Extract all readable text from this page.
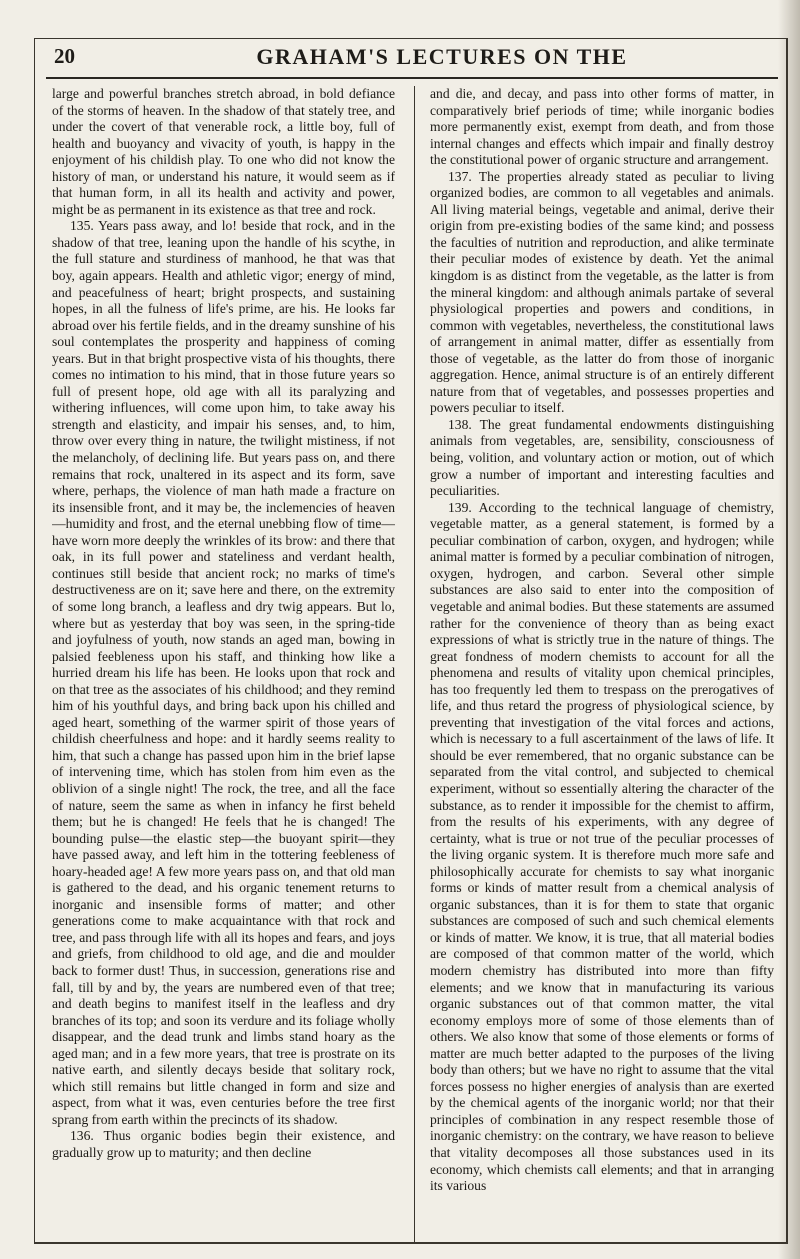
20	GRAHAM'S LECTURES ON THE

large and powerful branches stretch abroad, in bold defiance of the storms of heaven. In the shadow of that stately tree, and under the covert of that venerable rock, a little boy, full of health and buoyancy and vivacity of youth, is happy in the enjoyment of his childish play. To one who did not know the history of man, or understand his nature, it would seem as if that human form, in all its health and activity and power, might be as permanent in its existence as that tree and rock.

135. Years pass away, and lo! beside that rock, and in the shadow of that tree, leaning upon the handle of his scythe, in the full stature and sturdiness of manhood, he that was that boy, again appears. Health and athletic vigor; energy of mind, and peacefulness of heart; bright prospects, and sustaining hopes, in all the fulness of life's prime, are his. He looks far abroad over his fertile fields, and in the dreamy sunshine of his soul contemplates the prosperity and happiness of coming years. But in that bright prospective vista of his thoughts, there comes no intimation to his mind, that in those future years so full of present hope, old age with all its paralyzing and withering influences, will come upon him, to take away his strength and elasticity, and impair his senses, and, to him, throw over every thing in nature, the twilight mistiness, if not the melancholy, of declining life. But years pass on, and there remains that rock, unaltered in its aspect and its form, save where, perhaps, the violence of man hath made a fracture on its insensible front, and it may be, the inclemencies of heaven—humidity and frost, and the eternal unebbing flow of time—have worn more deeply the wrinkles of its brow: and there that oak, in its full power and stateliness and verdant health, continues still beside that ancient rock; no marks of time's destructiveness are on it; save here and there, on the extremity of some long branch, a leafless and dry twig appears. But lo, where but as yesterday that boy was seen, in the spring-tide and joyfulness of youth, now stands an aged man, bowing in palsied feebleness upon his staff, and thinking how like a hurried dream his life has been. He looks upon that rock and on that tree as the associates of his childhood; and they remind him of his youthful days, and bring back upon his chilled and aged heart, something of the warmer spirit of those years of childish cheerfulness and hope: and it hardly seems reality to him, that such a change has passed upon him in the brief lapse of intervening time, which has stolen from him even as the oblivion of a single night! The rock, the tree, and all the face of nature, seem the same as when in infancy he first beheld them; but he is changed! He feels that he is changed! The bounding pulse—the elastic step—the buoyant spirit—they have passed away, and left him in the tottering feebleness of hoary-headed age! A few more years pass on, and that old man is gathered to the dead, and his organic tenement returns to inorganic and insensible forms of matter; and other generations come to make acquaintance with that rock and tree, and pass through life with all its hopes and fears, and joys and griefs, from childhood to old age, and die and moulder back to former dust! Thus, in succession, generations rise and fall, till by and by, the years are numbered even of that tree; and death begins to manifest itself in the leafless and dry branches of its top; and soon its verdure and its foliage wholly disappear, and the dead trunk and limbs stand hoary as the aged man; and in a few more years, that tree is prostrate on its native earth, and silently decays beside that solitary rock, which still remains but little changed in form and size and aspect, from what it was, even centuries before the tree first sprang from earth within the precincts of its shadow.

136. Thus organic bodies begin their existence, and gradually grow up to maturity; and then decline

and die, and decay, and pass into other forms of matter, in comparatively brief periods of time; while inorganic bodies more permanently exist, exempt from death, and from those internal changes and effects which impair and finally destroy the constitutional power of organic structure and arrangement.

137. The properties already stated as peculiar to living organized bodies, are common to all vegetables and animals. All living material beings, vegetable and animal, derive their origin from pre-existing bodies of the same kind; and possess the faculties of nutrition and reproduction, and alike terminate their peculiar modes of existence by death. Yet the animal kingdom is as distinct from the vegetable, as the latter is from the mineral kingdom: and although animals partake of several physiological properties and powers and conditions, in common with vegetables, nevertheless, the constitutional laws of arrangement in animal matter, differ as essentially from those of vegetable, as the latter do from those of inorganic aggregation. Hence, animal structure is of an entirely different nature from that of vegetables, and possesses properties and powers peculiar to itself.

138. The great fundamental endowments distinguishing animals from vegetables, are, sensibility, consciousness of being, volition, and voluntary action or motion, out of which grow a number of important and interesting faculties and peculiarities.

139. According to the technical language of chemistry, vegetable matter, as a general statement, is formed by a peculiar combination of carbon, oxygen, and hydrogen; while animal matter is formed by a peculiar combination of nitrogen, oxygen, hydrogen, and carbon. Several other simple substances are also said to enter into the composition of vegetable and animal bodies. But these statements are assumed rather for the convenience of theory than as being exact expressions of what is strictly true in the nature of things. The great fondness of modern chemists to account for all the phenomena and results of vitality upon chemical principles, has too frequently led them to trespass on the prerogatives of life, and thus retard the progress of physiological science, by preventing that investigation of the vital forces and actions, which is necessary to a full ascertainment of the laws of life. It should be ever remembered, that no organic substance can be separated from the vital control, and subjected to chemical experiment, without so essentially altering the character of the substance, as to render it impossible for the chemist to affirm, from the results of his experiments, with any degree of certainty, what is true or not true of the peculiar processes of the living organic system. It is therefore much more safe and philosophically accurate for chemists to say what inorganic forms or kinds of matter result from a chemical analysis of organic substances, than it is for them to state that organic substances are composed of such and such chemical elements or kinds of matter. We know, it is true, that all material bodies are composed of that common matter of the world, which modern chemistry has distributed into more than fifty elements; and we know that in manufacturing its various organic substances out of that common matter, the vital economy employs more of some of those elements than of others. We also know that some of those elements or forms of matter are much better adapted to the purposes of the living body than others; but we have no right to assume that the vital forces possess no higher energies of analysis than are exerted by the chemical agents of the inorganic world; nor that their principles of combination in any respect resemble those of inorganic chemistry: on the contrary, we have reason to believe that vitality decomposes all those substances used in its economy, which chemists call elements; and that in arranging its various
